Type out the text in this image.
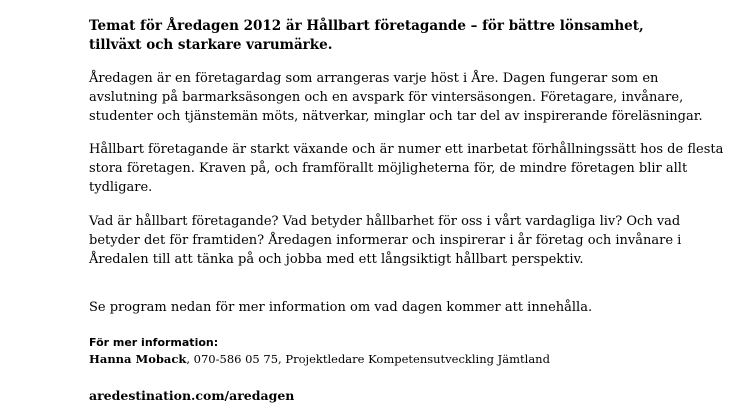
Temat för Åredagen 2012 är Hållbart företagande – för bättre lönsamhet, tillväxt och starkare varumärke.

Åredagen är en företagardag som arrangeras varje höst i Åre. Dagen fungerar som en avslutning på barmarksäsongen och en avspark för vintersäsongen. Företagare, invånare, studenter och tjänstemän möts, nätverkar, minglar och tar del av inspirerande föreläsningar.

Hållbart företagande är starkt växande och är numer ett inarbetat förhållningssätt hos de flesta stora företagen. Kraven på, och framförallt möjligheterna för, de mindre företagen blir allt tydligare.

Vad är hållbart företagande? Vad betyder hållbarhet för oss i vårt vardagliga liv? Och vad betyder det för framtiden? Åredagen informerar och inspirerar i år företag och invånare i Åredalen till att tänka på och jobba med ett långsiktigt hållbart perspektiv.

Se program nedan för mer information om vad dagen kommer att innehålla.

För mer information:

Hanna Moback, 070-586 05 75, Projektledare Kompetensutveckling Jämtland

aredestination.com/aredagen
